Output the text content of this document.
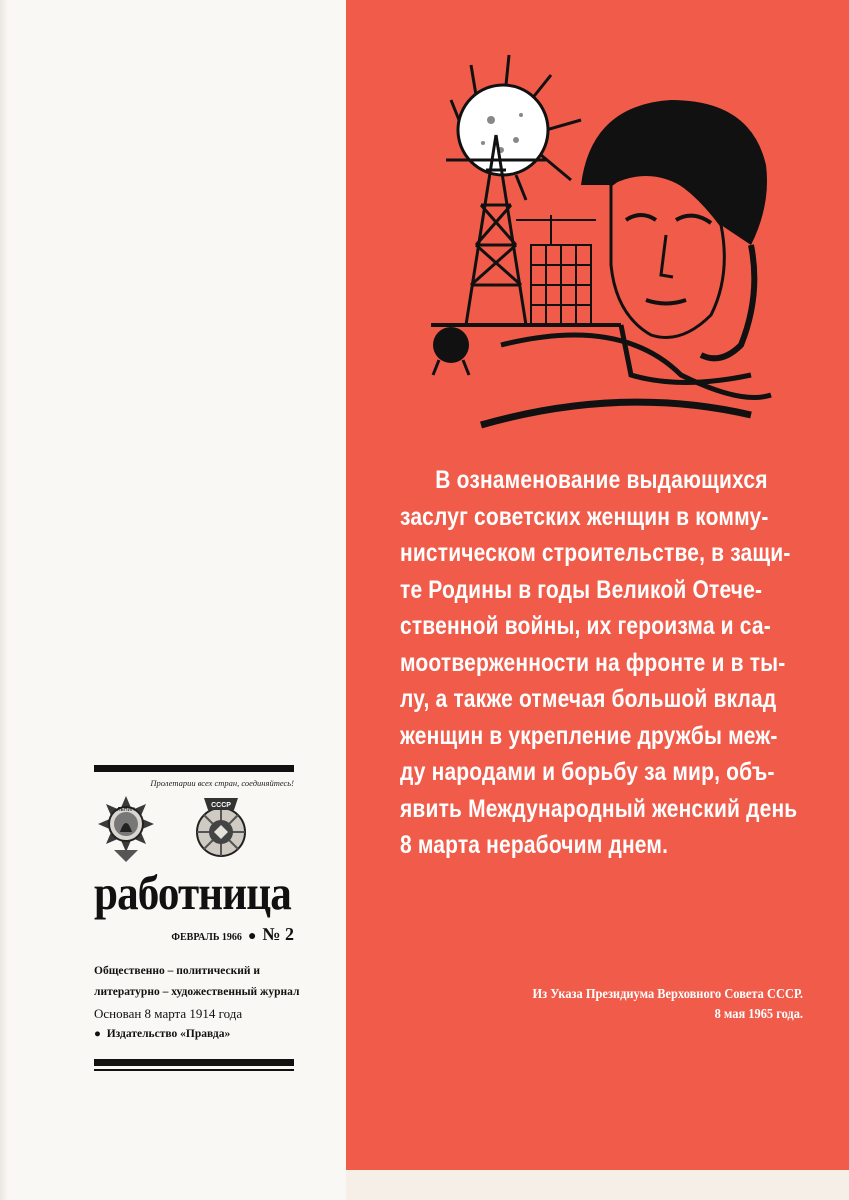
Пролетарии всех стран, соединяйтесь!
ЛЕНИН
СССР
работница
ФЕВРАЛЬ 1966 ● № 2
Общественно – политический и
литературно – художественный журнал
Основан 8 марта 1914 года
●  Издательство «Правда»
В ознаменование выдающихся
заслуг советских женщин в комму-
нистическом строительстве, в защи-
те Родины в годы Великой Отече-
ственной войны, их героизма и са-
моотверженности на фронте и в ты-
лу, а также отмечая большой вклад
женщин в укрепление дружбы меж-
ду народами и борьбу за мир, объ-
явить Международный женский день
8 марта нерабочим днем.
Из Указа Президиума Верховного Совета СССР.
8 мая 1965 года.
